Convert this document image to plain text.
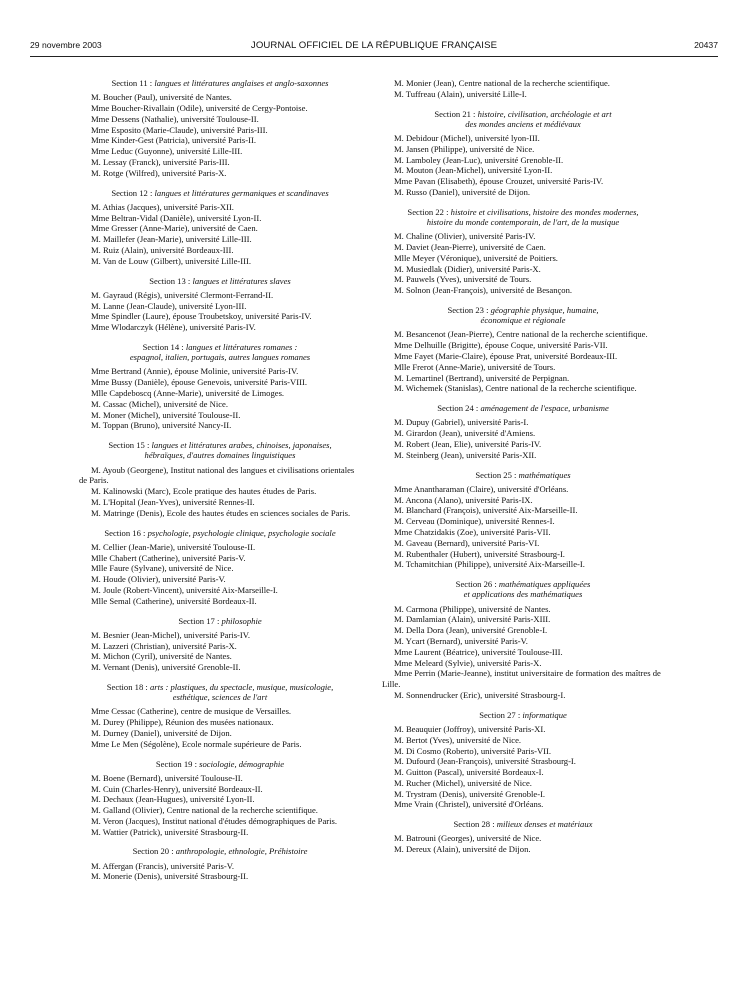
29 novembre 2003	JOURNAL OFFICIEL DE LA RÉPUBLIQUE FRANÇAISE	20437
Section 11 : langues et littératures anglaises et anglo-saxonnes
M. Boucher (Paul), université de Nantes.
Mme Boucher-Rivallain (Odile), université de Cergy-Pontoise.
Mme Dessens (Nathalie), université Toulouse-II.
Mme Esposito (Marie-Claude), université Paris-III.
Mme Kinder-Gest (Patricia), université Paris-II.
Mme Leduc (Guyonne), université Lille-III.
M. Lessay (Franck), université Paris-III.
M. Rotge (Wilfred), université Paris-X.
Section 12 : langues et littératures germaniques et scandinaves
M. Athias (Jacques), université Paris-XII.
Mme Beltran-Vidal (Danièle), université Lyon-II.
Mme Gresser (Anne-Marie), université de Caen.
M. Maillefer (Jean-Marie), université Lille-III.
M. Ruiz (Alain), université Bordeaux-III.
M. Van de Louw (Gilbert), université Lille-III.
Section 13 : langues et littératures slaves
M. Gayraud (Régis), université Clermont-Ferrand-II.
M. Lanne (Jean-Claude), université Lyon-III.
Mme Spindler (Laure), épouse Troubetskoy, université Paris-IV.
Mme Wlodarczyk (Hélène), université Paris-IV.
Section 14 : langues et littératures romanes :
espagnol, italien, portugais, autres langues romanes
Mme Bertrand (Annie), épouse Molinie, université Paris-IV.
Mme Bussy (Danièle), épouse Genevois, université Paris-VIII.
Mlle Capdeboscq (Anne-Marie), université de Limoges.
M. Cassac (Michel), université de Nice.
M. Moner (Michel), université Toulouse-II.
M. Toppan (Bruno), université Nancy-II.
Section 15 : langues et littératures arabes, chinoises, japonaises,
hébraïques, d'autres domaines linguistiques
M. Ayoub (Georgene), Institut national des langues et civilisations orientales de Paris.
M. Kalinowski (Marc), Ecole pratique des hautes études de Paris.
M. L'Hopital (Jean-Yves), université Rennes-II.
M. Matringe (Denis), Ecole des hautes études en sciences sociales de Paris.
Section 16 : psychologie, psychologie clinique, psychologie sociale
M. Cellier (Jean-Marie), université Toulouse-II.
Mlle Chabert (Catherine), université Paris-V.
Mlle Faure (Sylvane), université de Nice.
M. Houde (Olivier), université Paris-V.
M. Joule (Robert-Vincent), université Aix-Marseille-I.
Mlle Semal (Catherine), université Bordeaux-II.
Section 17 : philosophie
M. Besnier (Jean-Michel), université Paris-IV.
M. Lazzeri (Christian), université Paris-X.
M. Michon (Cyril), université de Nantes.
M. Vernant (Denis), université Grenoble-II.
Section 18 : arts : plastiques, du spectacle, musique, musicologie,
esthétique, sciences de l'art
Mme Cessac (Catherine), centre de musique de Versailles.
M. Durey (Philippe), Réunion des musées nationaux.
M. Durney (Daniel), université de Dijon.
Mme Le Men (Ségolène), Ecole normale supérieure de Paris.
Section 19 : sociologie, démographie
M. Boene (Bernard), université Toulouse-II.
M. Cuin (Charles-Henry), université Bordeaux-II.
M. Dechaux (Jean-Hugues), université Lyon-II.
M. Galland (Olivier), Centre national de la recherche scientifique.
M. Veron (Jacques), Institut national d'études démographiques de Paris.
M. Wattier (Patrick), université Strasbourg-II.
Section 20 : anthropologie, ethnologie, Préhistoire
M. Affergan (Francis), université Paris-V.
M. Monerie (Denis), université Strasbourg-II.
M. Monier (Jean), Centre national de la recherche scientifique.
M. Tuffreau (Alain), université Lille-I.
Section 21 : histoire, civilisation, archéologie et art
des mondes anciens et médiévaux
M. Debidour (Michel), université lyon-III.
M. Jansen (Philippe), université de Nice.
M. Lamboley (Jean-Luc), université Grenoble-II.
M. Mouton (Jean-Michel), université Lyon-II.
Mme Pavan (Elisabeth), épouse Crouzet, université Paris-IV.
M. Russo (Daniel), université de Dijon.
Section 22 : histoire et civilisations, histoire des mondes modernes,
histoire du monde contemporain, de l'art, de la musique
M. Chaline (Olivier), université Paris-IV.
M. Daviet (Jean-Pierre), université de Caen.
Mlle Meyer (Véronique), université de Poitiers.
M. Musiedlak (Didier), université Paris-X.
M. Pauwels (Yves), université de Tours.
M. Solnon (Jean-François), université de Besançon.
Section 23 : géographie physique, humaine,
économique et régionale
M. Besancenot (Jean-Pierre), Centre national de la recherche scientifique.
Mme Delhuille (Brigitte), épouse Coque, université Paris-VII.
Mme Fayet (Marie-Claire), épouse Prat, université Bordeaux-III.
Mlle Frerot (Anne-Marie), université de Tours.
M. Lemartinel (Bertrand), université de Perpignan.
M. Wichemek (Stanislas), Centre national de la recherche scientifique.
Section 24 : aménagement de l'espace, urbanisme
M. Dupuy (Gabriel), université Paris-I.
M. Girardon (Jean), université d'Amiens.
M. Robert (Jean, Elie), université Paris-IV.
M. Steinberg (Jean), université Paris-XII.
Section 25 : mathématiques
Mme Anantharaman (Claire), université d'Orléans.
M. Ancona (Alano), université Paris-IX.
M. Blanchard (François), université Aix-Marseille-II.
M. Cerveau (Dominique), université Rennes-I.
Mme Chatzidakis (Zoe), université Paris-VII.
M. Gaveau (Bernard), université Paris-VI.
M. Rubenthaler (Hubert), université Strasbourg-I.
M. Tchamitchian (Philippe), université Aix-Marseille-I.
Section 26 : mathématiques appliquées
et applications des mathématiques
M. Carmona (Philippe), université de Nantes.
M. Damlamian (Alain), université Paris-XIII.
M. Della Dora (Jean), université Grenoble-I.
M. Ycart (Bernard), université Paris-V.
Mme Laurent (Béatrice), université Toulouse-III.
Mme Meleard (Sylvie), université Paris-X.
Mme Perrin (Marie-Jeanne), institut universitaire de formation des maîtres de Lille.
M. Sonnendrucker (Eric), université Strasbourg-I.
Section 27 : informatique
M. Beauquier (Joffroy), université Paris-XI.
M. Bertot (Yves), université de Nice.
M. Di Cosmo (Roberto), université Paris-VII.
M. Dufourd (Jean-François), université Strasbourg-I.
M. Guitton (Pascal), université Bordeaux-I.
M. Rucher (Michel), université de Nice.
M. Trystram (Denis), université Grenoble-I.
Mme Vrain (Christel), université d'Orléans.
Section 28 : milieux denses et matériaux
M. Batrouni (Georges), université de Nice.
M. Dereux (Alain), université de Dijon.
